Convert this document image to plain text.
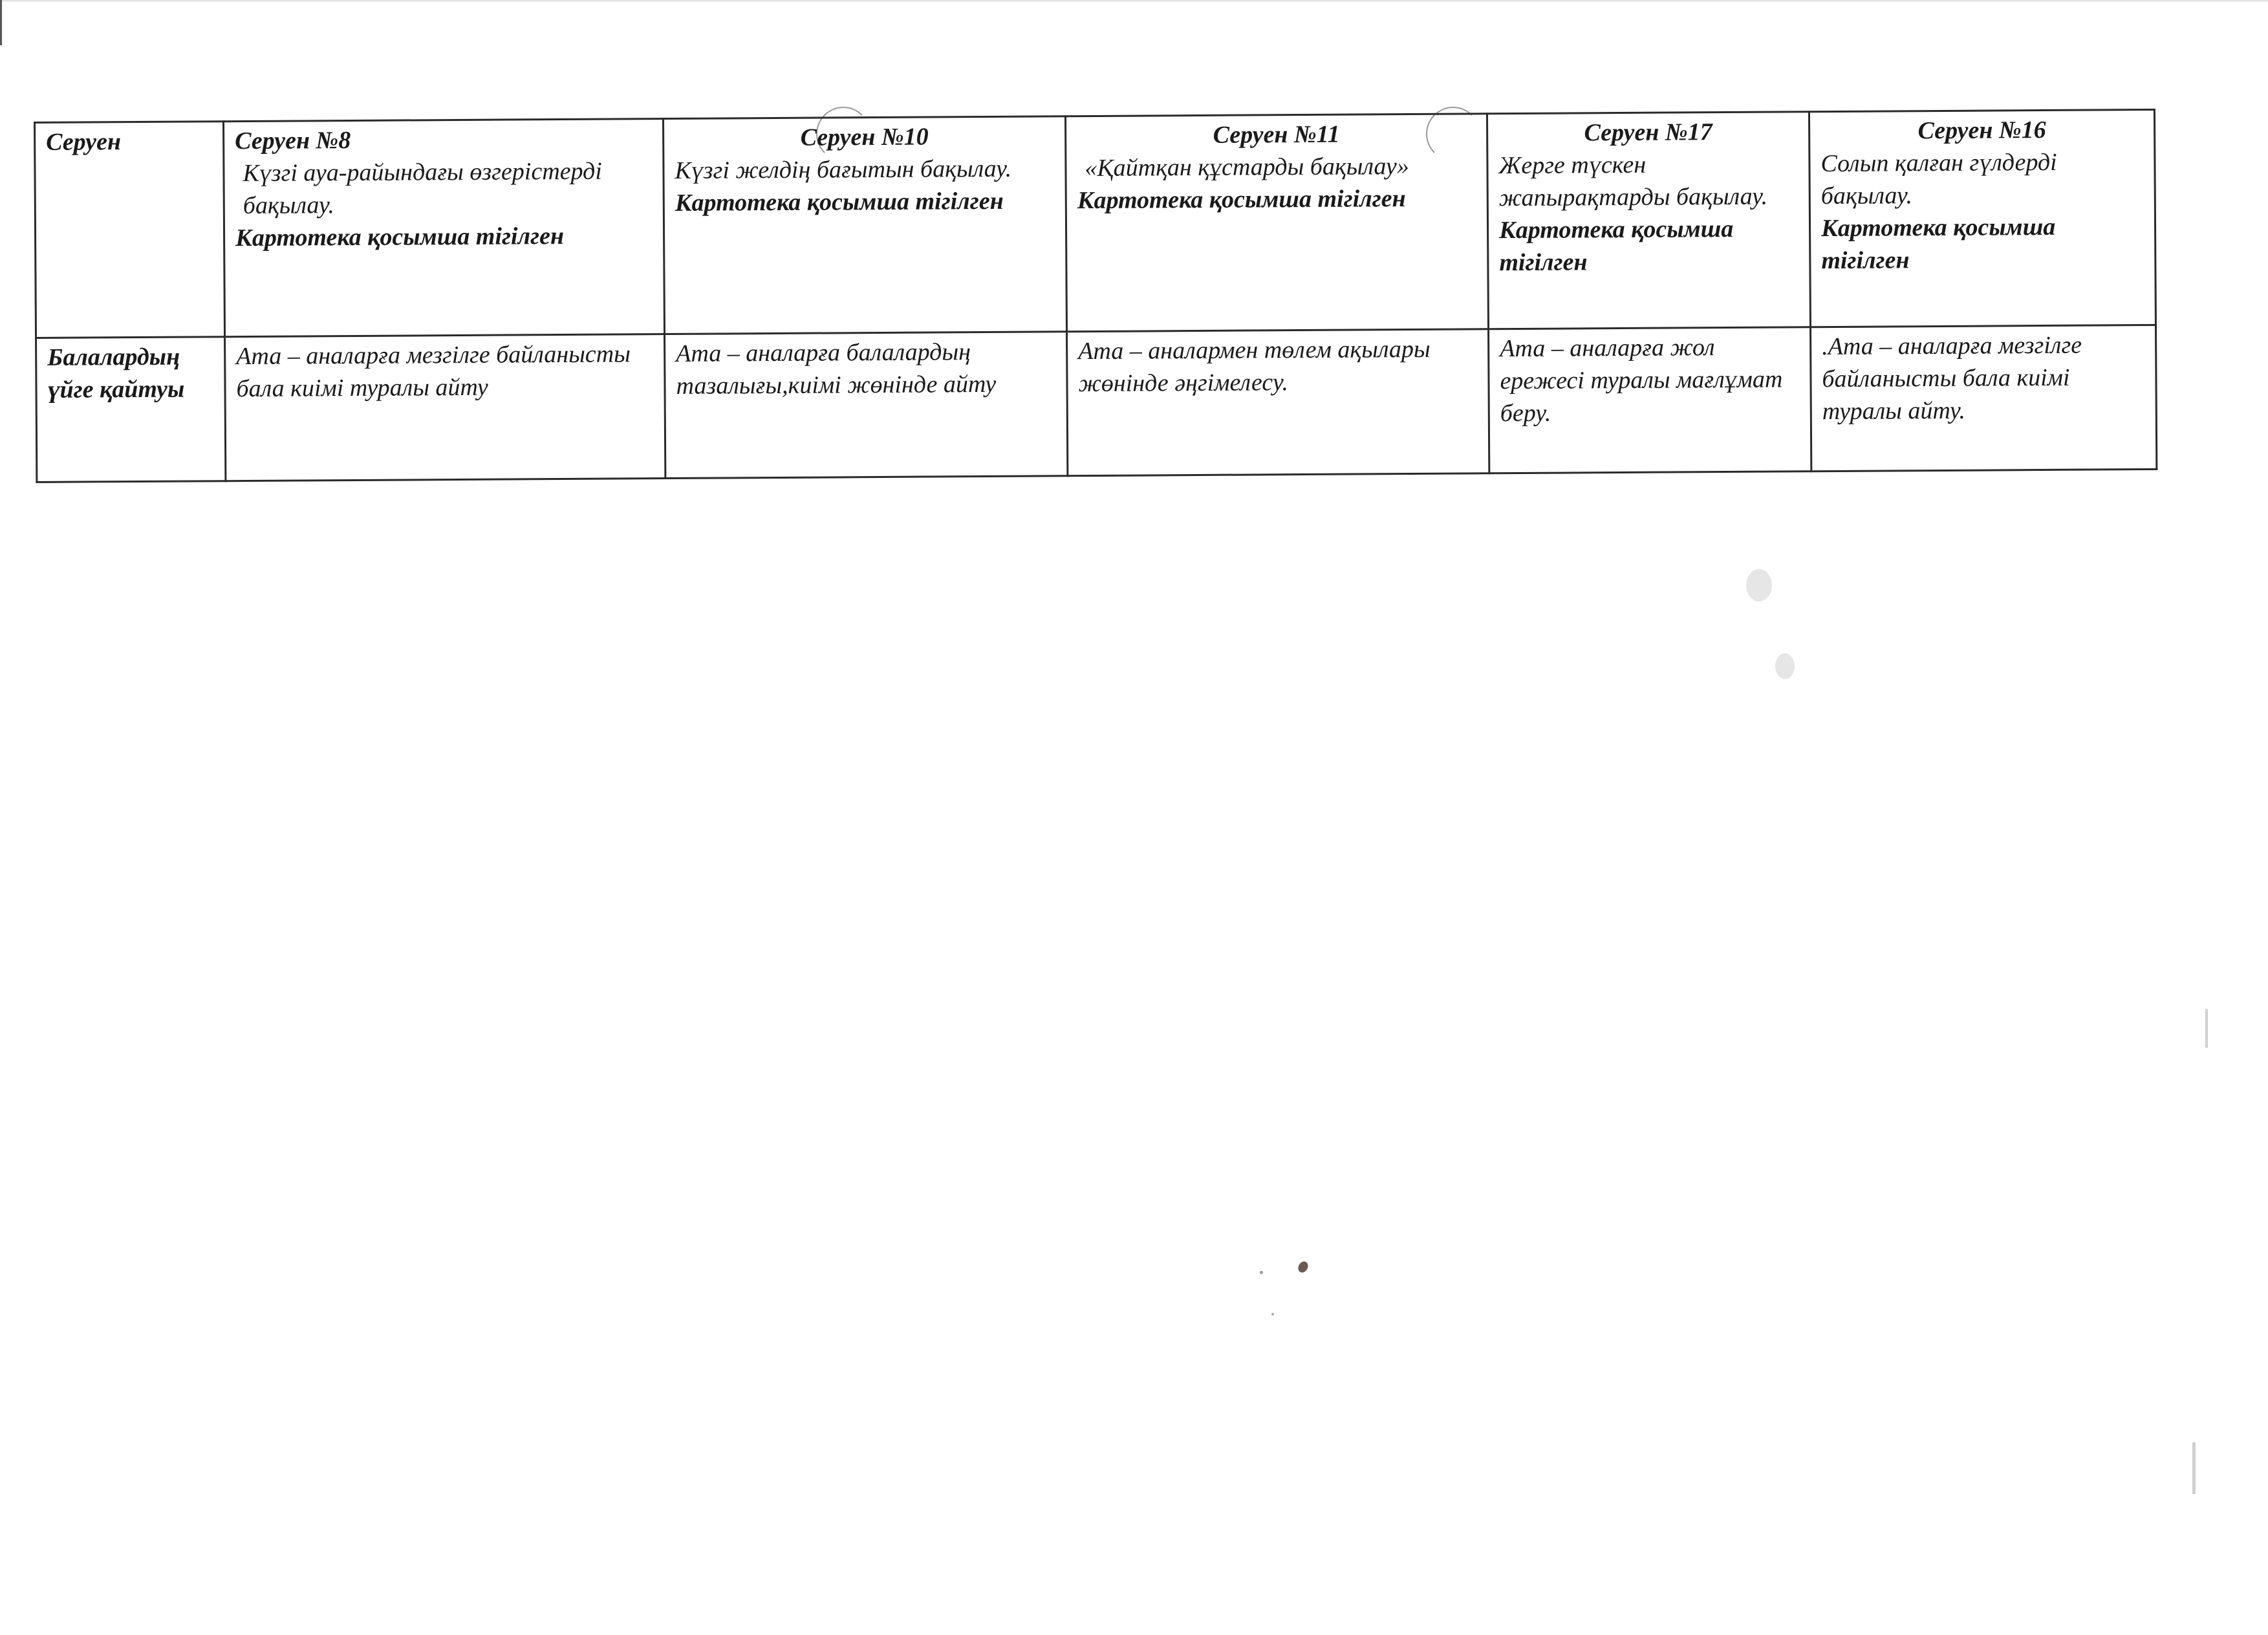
Серуен	Серуен №8
Күзгі ауа-райындағы өзгерістерді бақылау.
Картотека қосымша тігілген	Серуен №10
Күзгі желдің бағытын бақылау.
Картотека қосымша тігілген	Серуен №11
«Қайтқан құстарды бақылау»
Картотека қосымша тігілген	Серуен №17
Жерге түскен жапырақтарды бақылау.
Картотека қосымша тігілген	Серуен №16
Солып қалған гүлдерді бақылау.
Картотека қосымша тігілген

Балалардың үйге қайтуы	Ата – аналарға мезгілге байланысты бала киімі туралы айту	Ата – аналарға балалардың тазалығы,киімі жөнінде айту	Ата – аналармен төлем ақылары жөнінде әңгімелесу.	Ата – аналарға жол ережесі туралы мағлұмат беру.	.Ата – аналарға мезгілге байланысты бала киімі туралы айту.
